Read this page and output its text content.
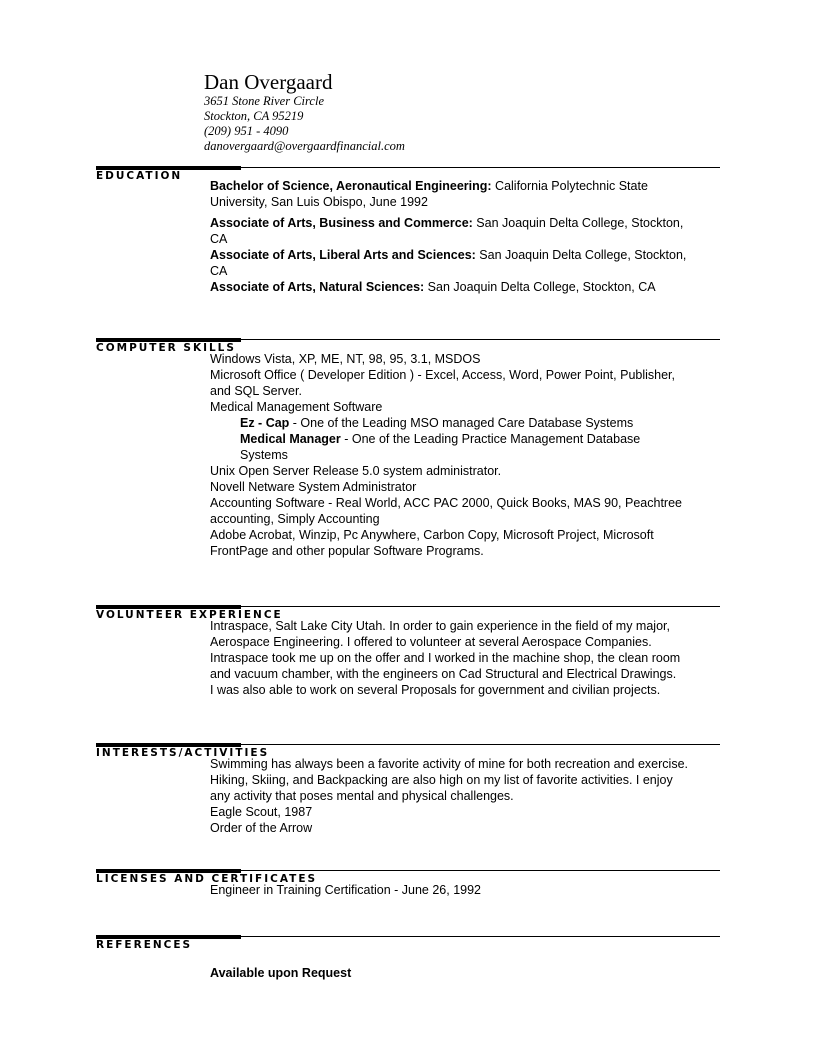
Dan Overgaard
3651 Stone River Circle
Stockton, CA 95219
(209) 951 - 4090
danovergaard@overgaardfinancial.com
EDUCATION
Bachelor of Science, Aeronautical Engineering: California Polytechnic State
University, San Luis Obispo, June 1992
Associate of Arts, Business and Commerce: San Joaquin Delta College, Stockton,
CA
Associate of Arts, Liberal Arts and Sciences: San Joaquin Delta College, Stockton,
CA
Associate of Arts, Natural Sciences: San Joaquin Delta College, Stockton, CA
COMPUTER SKILLS
Windows Vista, XP, ME, NT, 98, 95, 3.1, MSDOS
Microsoft Office ( Developer Edition ) - Excel, Access, Word, Power Point, Publisher,
and SQL Server.
Medical Management Software
Ez - Cap - One of the Leading MSO managed Care Database Systems
Medical Manager - One of the Leading Practice Management Database
Systems
Unix Open Server Release 5.0 system administrator.
Novell Netware System Administrator
Accounting Software - Real World, ACC PAC 2000, Quick Books, MAS 90, Peachtree
accounting, Simply Accounting
Adobe Acrobat, Winzip, Pc Anywhere, Carbon Copy, Microsoft Project, Microsoft
FrontPage and other popular Software Programs.
VOLUNTEER EXPERIENCE
Intraspace, Salt Lake City Utah. In order to gain experience in the field of my major,
Aerospace Engineering. I offered to volunteer at several Aerospace Companies.
Intraspace took me up on the offer and I worked in the machine shop, the clean room
and vacuum chamber, with the engineers on Cad Structural and Electrical Drawings.
I was also able to work on several Proposals for government and civilian projects.
INTERESTS/ACTIVITIES
Swimming has always been a favorite activity of mine for both recreation and exercise.
Hiking, Skiing, and Backpacking are also high on my list of favorite activities. I enjoy
any activity that poses mental and physical challenges.
Eagle Scout, 1987
Order of the Arrow
LICENSES AND CERTIFICATES
Engineer in Training Certification - June 26, 1992
REFERENCES
Available upon Request
